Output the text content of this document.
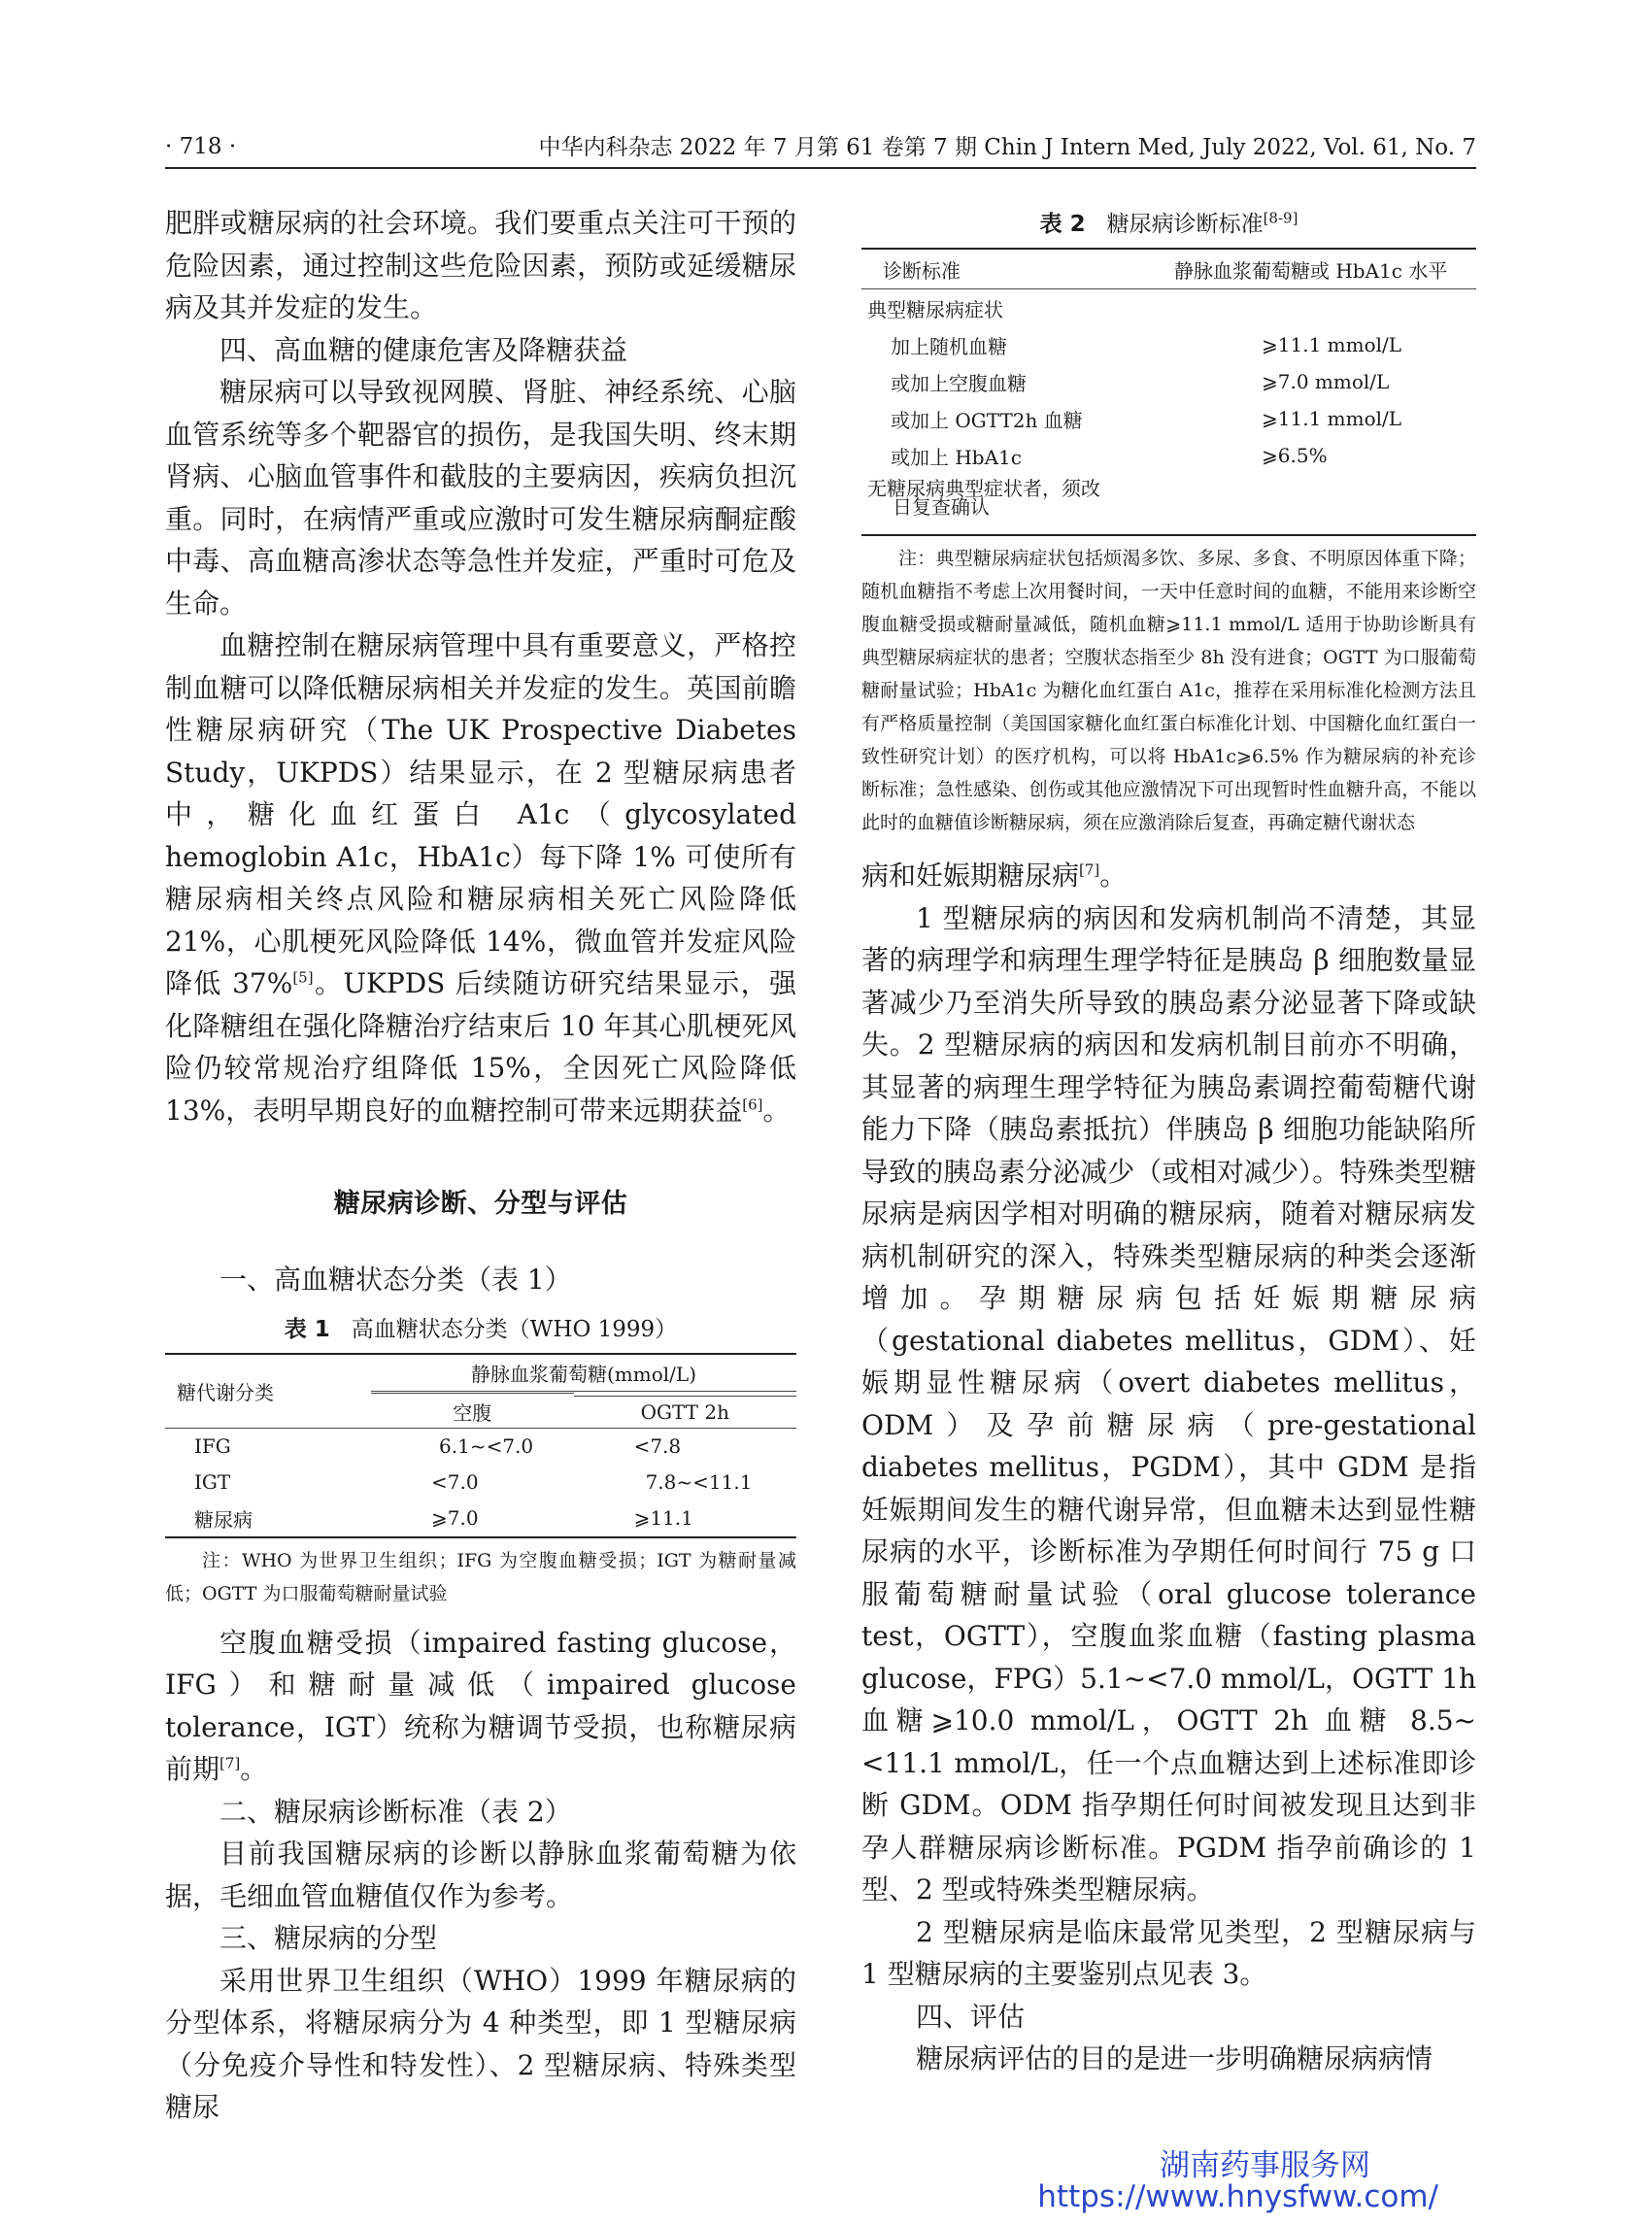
· 718 ·	中华内科杂志 2022 年 7 月第 61 卷第 7 期 Chin J Intern Med, July 2022, Vol. 61, No. 7

肥胖或糖尿病的社会环境。我们要重点关注可干预的危险因素，通过控制这些危险因素，预防或延缓糖尿病及其并发症的发生。

四、高血糖的健康危害及降糖获益

糖尿病可以导致视网膜、肾脏、神经系统、心脑血管系统等多个靶器官的损伤，是我国失明、终末期肾病、心脑血管事件和截肢的主要病因，疾病负担沉重。同时，在病情严重或应激时可发生糖尿病酮症酸中毒、高血糖高渗状态等急性并发症，严重时可危及生命。

血糖控制在糖尿病管理中具有重要意义，严格控制血糖可以降低糖尿病相关并发症的发生。英国前瞻性糖尿病研究（The UK Prospective Diabetes Study，UKPDS）结果显示，在 2 型糖尿病患者中，糖化血红蛋白 A1c（glycosylated hemoglobin A1c，HbA1c）每下降 1% 可使所有糖尿病相关终点风险和糖尿病相关死亡风险降低 21%，心肌梗死风险降低 14%，微血管并发症风险降低 37%[5]。UKPDS 后续随访研究结果显示，强化降糖组在强化降糖治疗结束后 10 年其心肌梗死风险仍较常规治疗组降低 15%，全因死亡风险降低 13%，表明早期良好的血糖控制可带来远期获益[6]。

糖尿病诊断、分型与评估

一、高血糖状态分类（表 1）

表 1 高血糖状态分类（WHO 1999）
糖代谢分类	静脉血浆葡萄糖(mmol/L)	
	空腹	OGTT 2h
IFG	6.1~<7.0	<7.8
IGT	<7.0	7.8~<11.1
糖尿病	⩾7.0	⩾11.1

注：WHO 为世界卫生组织；IFG 为空腹血糖受损；IGT 为糖耐量减低；OGTT 为口服葡萄糖耐量试验

空腹血糖受损（impaired fasting glucose，IFG）和糖耐量减低（impaired glucose tolerance，IGT）统称为糖调节受损，也称糖尿病前期[7]。

二、糖尿病诊断标准（表 2）

目前我国糖尿病的诊断以静脉血浆葡萄糖为依据，毛细血管血糖值仅作为参考。

三、糖尿病的分型

采用世界卫生组织（WHO）1999 年糖尿病的分型体系，将糖尿病分为 4 种类型，即 1 型糖尿病（分免疫介导性和特发性）、2 型糖尿病、特殊类型糖尿

表 2 糖尿病诊断标准[8-9]
诊断标准	静脉血浆葡萄糖或 HbA1c 水平
典型糖尿病症状	
加上随机血糖	⩾11.1 mmol/L
或加上空腹血糖	⩾7.0 mmol/L
或加上 OGTT2h 血糖	⩾11.1 mmol/L
或加上 HbA1c	⩾6.5%

无糖尿病典型症状者，须改
日复查确认	

注：典型糖尿病症状包括烦渴多饮、多尿、多食、不明原因体重下降；随机血糖指不考虑上次用餐时间，一天中任意时间的血糖，不能用来诊断空腹血糖受损或糖耐量减低，随机血糖⩾11.1 mmol/L 适用于协助诊断具有典型糖尿病症状的患者；空腹状态指至少 8h 没有进食；OGTT 为口服葡萄糖耐量试验；HbA1c 为糖化血红蛋白 A1c，推荐在采用标准化检测方法且有严格质量控制（美国国家糖化血红蛋白标准化计划、中国糖化血红蛋白一致性研究计划）的医疗机构，可以将 HbA1c⩾6.5% 作为糖尿病的补充诊断标准；急性感染、创伤或其他应激情况下可出现暂时性血糖升高，不能以此时的血糖值诊断糖尿病，须在应激消除后复查，再确定糖代谢状态

病和妊娠期糖尿病[7]。

1 型糖尿病的病因和发病机制尚不清楚，其显著的病理学和病理生理学特征是胰岛 β 细胞数量显著减少乃至消失所导致的胰岛素分泌显著下降或缺失。2 型糖尿病的病因和发病机制目前亦不明确，其显著的病理生理学特征为胰岛素调控葡萄糖代谢能力下降（胰岛素抵抗）伴胰岛 β 细胞功能缺陷所导致的胰岛素分泌减少（或相对减少）。特殊类型糖尿病是病因学相对明确的糖尿病，随着对糖尿病发病机制研究的深入，特殊类型糖尿病的种类会逐渐增加。孕期糖尿病包括妊娠期糖尿病（gestational diabetes mellitus，GDM）、妊娠期显性糖尿病（overt diabetes mellitus，ODM）及孕前糖尿病（pre-gestational diabetes mellitus，PGDM），其中 GDM 是指妊娠期间发生的糖代谢异常，但血糖未达到显性糖尿病的水平，诊断标准为孕期任何时间行 75 g 口服葡萄糖耐量试验（oral glucose tolerance test，OGTT），空腹血浆血糖（fasting plasma glucose，FPG）5.1~<7.0 mmol/L，OGTT 1h 血糖⩾10.0 mmol/L，OGTT 2h 血糖 8.5~<11.1 mmol/L，任一个点血糖达到上述标准即诊断 GDM。ODM 指孕期任何时间被发现且达到非孕人群糖尿病诊断标准。PGDM 指孕前确诊的 1 型、2 型或特殊类型糖尿病。

2 型糖尿病是临床最常见类型，2 型糖尿病与 1 型糖尿病的主要鉴别点见表 3。

四、评估

糖尿病评估的目的是进一步明确糖尿病病情

湖南药事服务网
https://www.hnysfww.com/
